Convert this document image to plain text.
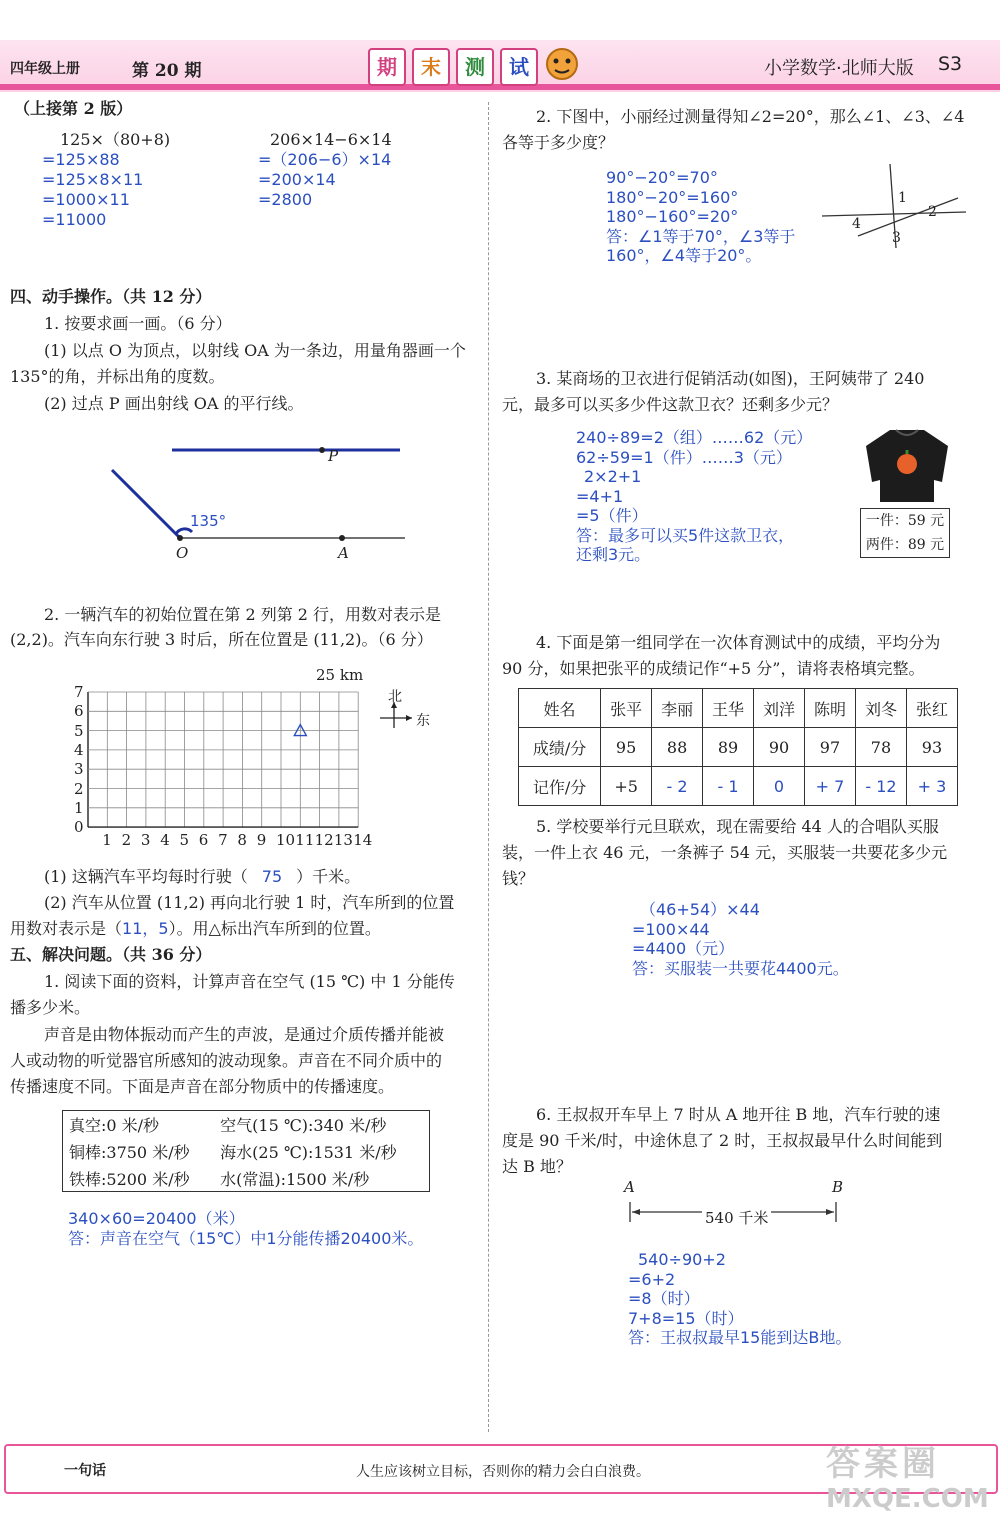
四年级上册	第 20 期	期	末	测	试	小学数学·北师大版 S3
（上接第 2 版）
125×（80+8)
=125×88
=125×8×11
=1000×11
=11000
206×14−6×14
=（206−6）×14
=200×14
=2800
四、动手操作。（共 12 分）
1. 按要求画一画。（6 分）
(1) 以点 O 为顶点，以射线 OA 为一条边，用量角器画一个
135°的角，并标出角的度数。
(2) 过点 P 画出射线 OA 的平行线。
P
O	A
135°
2. 一辆汽车的初始位置在第 2 列第 2 行，用数对表示是
(2,2)。汽车向东行驶 3 时后，所在位置是 (11,2)。（6 分）
25 km
1 2 3 4 5 6 7 8 9 10 11 12 13 14
0
1
2
3
4
5
6
7	北
东
(1) 这辆汽车平均每时行驶（ 75 ）千米。
(2) 汽车从位置 (11,2) 再向北行驶 1 时，汽车所到的位置
用数对表示是（11，5）。用△标出汽车所到的位置。
五、解决问题。（共 36 分）
1. 阅读下面的资料，计算声音在空气 (15 ℃) 中 1 分能传
播多少米。
声音是由物体振动而产生的声波，是通过介质传播并能被
人或动物的听觉器官所感知的波动现象。声音在不同介质中的
传播速度不同。下面是声音在部分物质中的传播速度。
真空:0 米/秒	空气(15 ℃):340 米/秒
铜棒:3750 米/秒	海水(25 ℃):1531 米/秒
铁棒:5200 米/秒	水(常温):1500 米/秒
340×60=20400（米）
答：声音在空气（15℃）中1分能传播20400米。
2. 下图中，小丽经过测量得知∠2=20°，那么∠1、∠3、∠4
各等于多少度？
90°−20°=70°
180°−20°=160°
180°−160°=20°
答：∠1等于70°，∠3等于
160°，∠4等于20°。
1
2
3
4
3. 某商场的卫衣进行促销活动(如图)，王阿姨带了 240
元，最多可以买多少件这款卫衣？还剩多少元？
240÷89=2（组）……62（元）
62÷59=1（件）……3（元）
2×2+1
=4+1
=5（件）
答：最多可以买5件这款卫衣，
还剩3元。
一件：59 元
两件：89 元
4. 下面是第一组同学在一次体育测试中的成绩，平均分为
90 分，如果把张平的成绩记作“+5 分”，请将表格填完整。
姓名	张平	李丽	王华	刘洋	陈明	刘冬	张红
成绩/分	95	88	89	90	97	78	93
记作/分	+5	- 2	- 1	0	+ 7	- 12	+ 3
5. 学校要举行元旦联欢，现在需要给 44 人的合唱队买服
装，一件上衣 46 元，一条裤子 54 元，买服装一共要花多少元
钱？
（46+54）×44
=100×44
=4400（元）
答：买服装一共要花4400元。
6. 王叔叔开车早上 7 时从 A 地开往 B 地，汽车行驶的速
度是 90 千米/时，中途休息了 2 时，王叔叔最早什么时间能到
达 B 地？
A	B
540 千米
540÷90+2
=6+2
=8（时）
7+8=15（时）
答：王叔叔最早15能到达B地。
一句话	人生应该树立目标，否则你的精力会白白浪费。	答案圈
MXQE.COM
